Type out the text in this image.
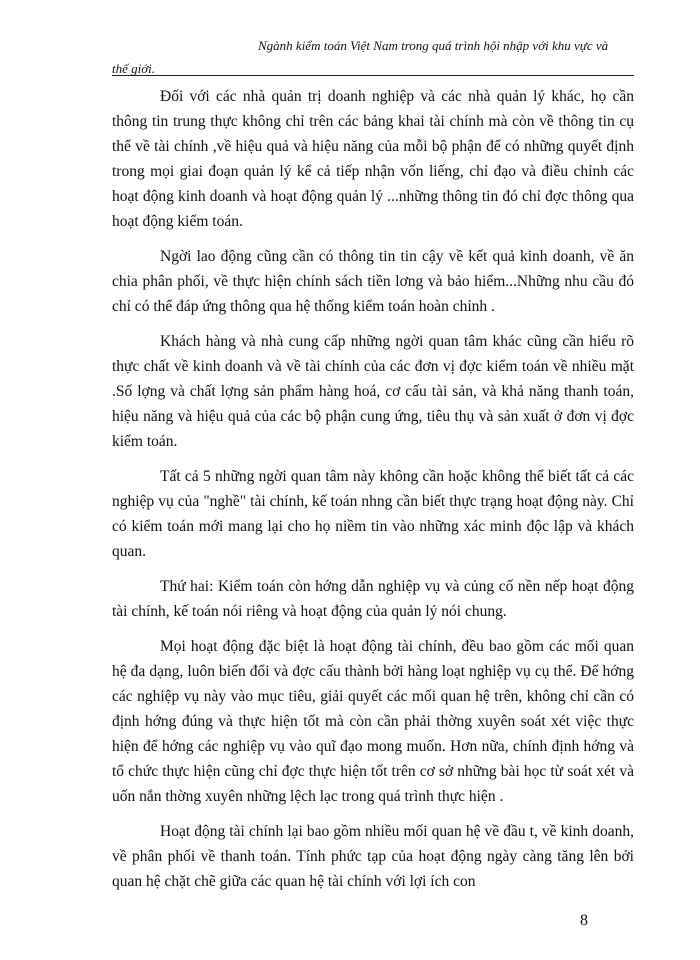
Ngành kiểm toán Việt Nam trong quá trình hội nhập với khu vực và
thế giới.

Đối với các nhà quản trị doanh nghiệp và các nhà quản lý khác, họ cần thông tin trung thực không chỉ trên các bảng khai tài chính mà còn về thông tin cụ thể về tài chính ,về hiệu quả và hiệu năng của mỗi bộ phận để có những quyết định trong mọi giai đoạn quản lý kể cả tiếp nhận vốn liếng, chỉ đạo và điều chỉnh các hoạt động kinh doanh và hoạt động quản lý ...những thông tin đó chỉ đợc thông qua hoạt động kiểm toán.

Ngời lao động cũng cần có thông tin tin cậy về kết quả kinh doanh, về ăn chia phân phối, về thực hiện chính sách tiền lơng và bảo hiểm...Những nhu cầu đó chỉ có thể đáp ứng thông qua hệ thống kiểm toán hoàn chỉnh .

Khách hàng và nhà cung cấp những ngời quan tâm khác cũng cần hiểu rõ thực chất về kinh doanh và về tài chính của các đơn vị đợc kiểm toán về nhiều mặt .Số lợng và chất lợng sản phẩm hàng hoá, cơ cấu tài sản, và khả năng thanh toán, hiệu năng và hiệu quả của các bộ phận cung ứng, tiêu thụ và sản xuất ở đơn vị đợc kiểm toán.

Tất cả 5 những ngời quan tâm này không cần hoặc không thể biết tất cả các nghiệp vụ của "nghề" tài chính, kế toán nhng cần biết thực trạng hoạt động này. Chỉ có kiểm toán mới mang lại cho họ niềm tin vào những xác minh độc lập và khách quan.

Thứ hai: Kiểm toán còn hớng dẫn nghiệp vụ và củng cố nền nếp hoạt động tài chính, kế toán nói riêng và hoạt động của quản lý nói chung.

Mọi hoạt động đặc biệt là hoạt động tài chính, đều bao gồm các mối quan hệ đa dạng, luôn biến đổi và đợc cấu thành bởi hàng loạt nghiệp vụ cụ thể. Để hớng các nghiệp vụ này vào mục tiêu, giải quyết các mối quan hệ trên, không chỉ cần có định hớng đúng và thực hiện tốt mà còn cần phải thờng xuyên soát xét việc thực hiện để hớng các nghiệp vụ vào quĩ đạo mong muốn. Hơn nữa, chính định hớng và tổ chức thực hiện cũng chỉ đợc thực hiện tốt trên cơ sở những bài học từ soát xét và uốn nắn thờng xuyên những lệch lạc trong quá trình thực hiện .

Hoạt động tài chính lại bao gồm nhiều mối quan hệ về đầu t, về kinh doanh, về phân phối về thanh toán. Tính phức tạp của hoạt động ngày càng tăng lên bởi quan hệ chặt chẽ giữa các quan hệ tài chính với lợi ích con

8
